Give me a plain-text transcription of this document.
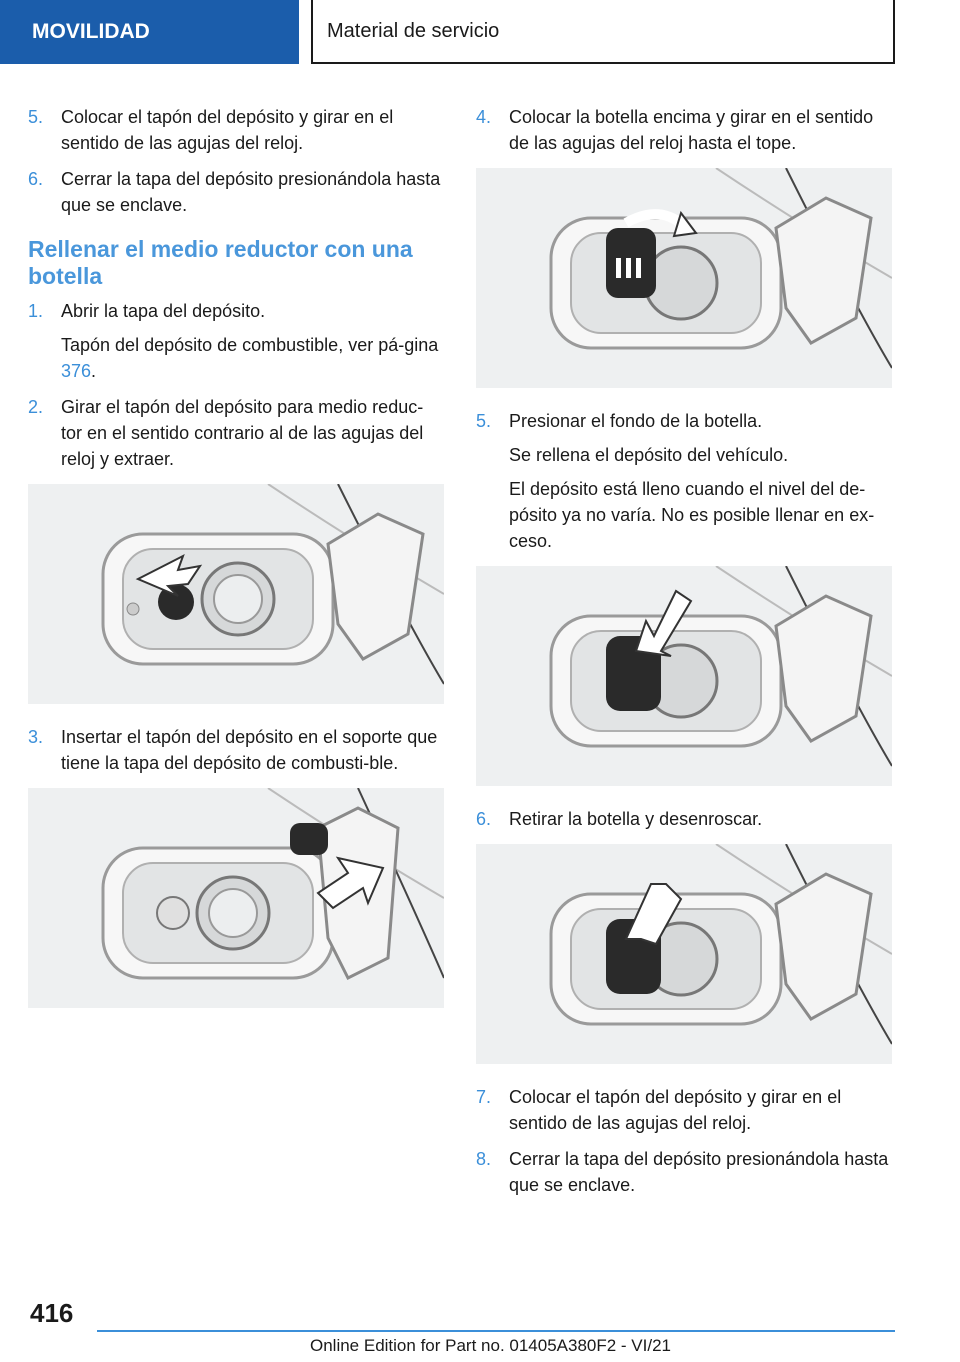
MOVILIDAD	Material de servicio
5. Colocar el tapón del depósito y girar en el sentido de las agujas del reloj.

6. Cerrar la tapa del depósito presionándola hasta que se enclave.

Rellenar el medio reductor con una botella
1. Abrir la tapa del depósito.

Tapón del depósito de combustible, ver pá-gina 376.

2. Girar el tapón del depósito para medio reduc-tor en el sentido contrario al de las agujas del reloj y extraer.

3. Insertar el tapón del depósito en el soporte que tiene la tapa del depósito de combusti-ble.

4. Colocar la botella encima y girar en el sentido de las agujas del reloj hasta el tope.

5. Presionar el fondo de la botella.

Se rellena el depósito del vehículo.

El depósito está lleno cuando el nivel del de-pósito ya no varía. No es posible llenar en ex-ceso.

6. Retirar la botella y desenroscar.

7. Colocar el tapón del depósito y girar en el sentido de las agujas del reloj.

8. Cerrar la tapa del depósito presionándola hasta que se enclave.

416
Online Edition for Part no. 01405A380F2 - VI/21
